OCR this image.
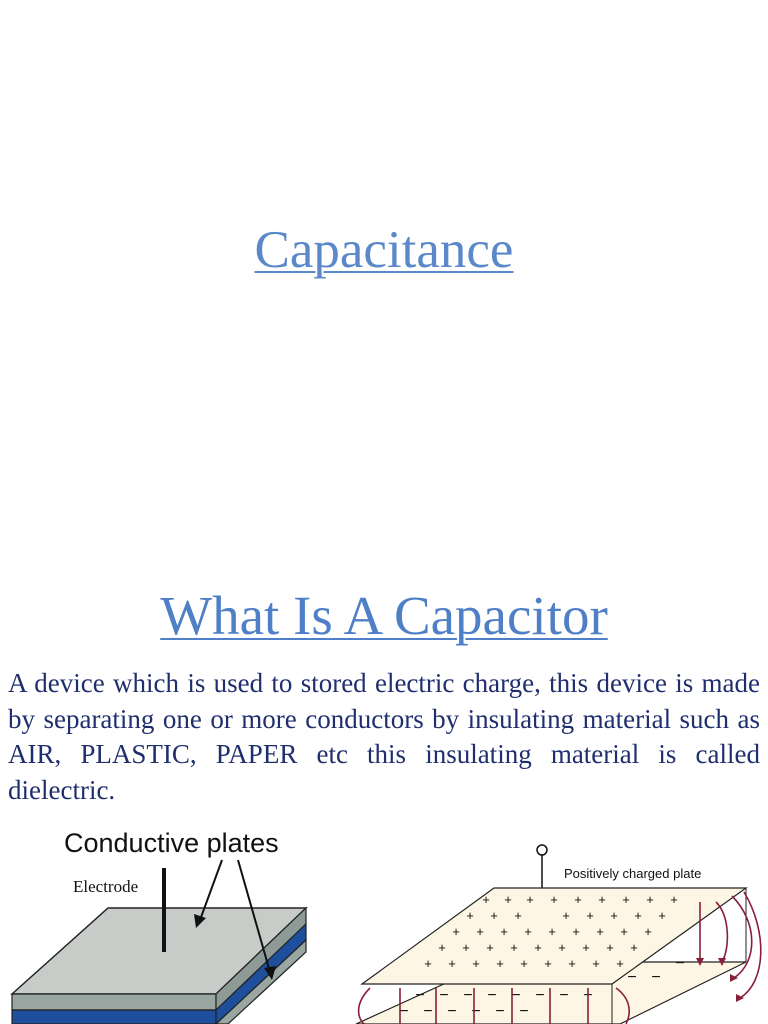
Capacitance
What Is A Capacitor

A device which is used to stored electric charge, this device is made by separating one or more conductors by insulating material such as AIR, PLASTIC, PAPER etc this insulating material is called dielectric.

Conductive plates
Electrode
Positively charged plate
+ + + + + + + + +
+ + +	+ + + + +
+ + + + + + + + +
+ + + + + + + + +
+ + + + + + + + +
− − − − − − − −
− −
−
− − − − − −
